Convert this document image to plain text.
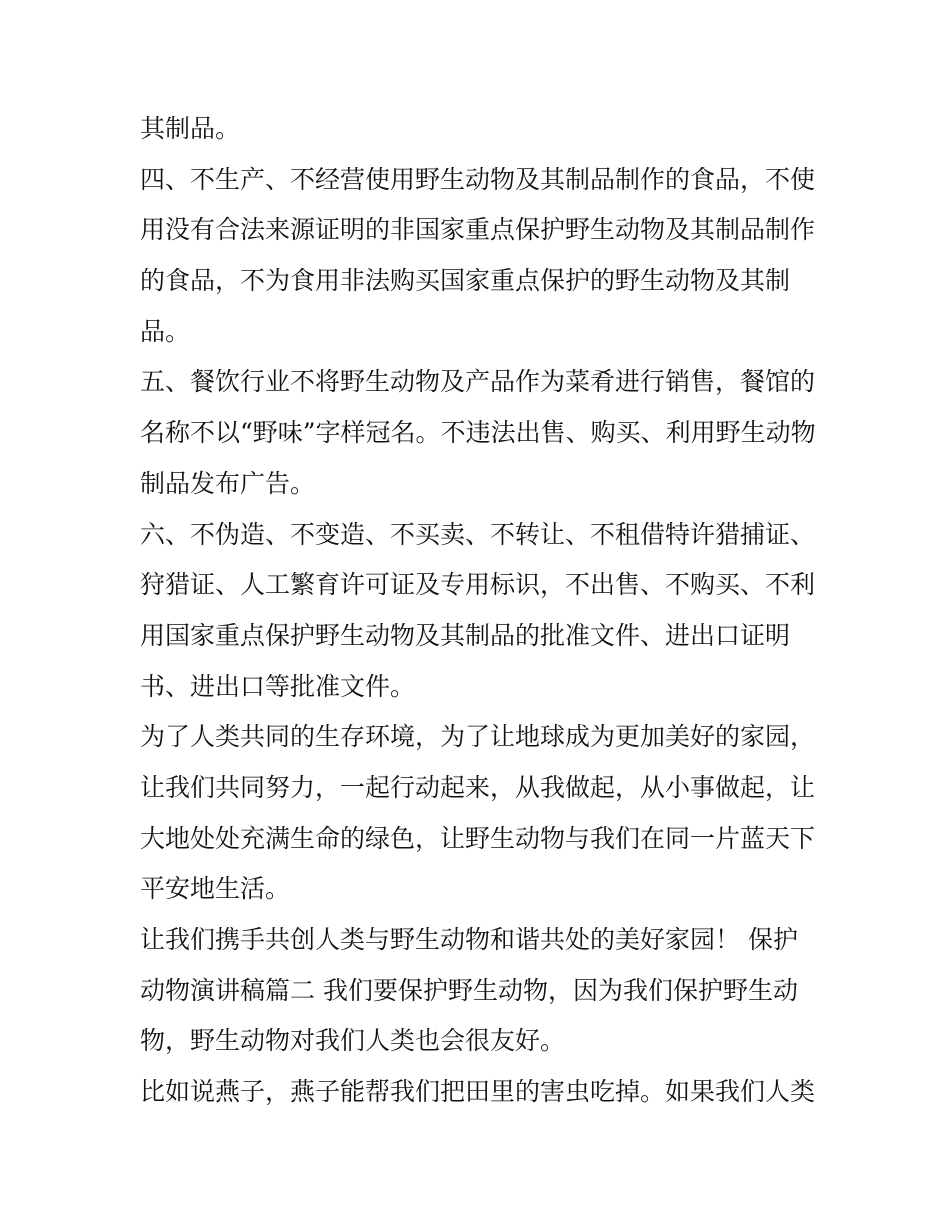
其制品。

四、不生产、不经营使用野生动物及其制品制作的食品，不使
用没有合法来源证明的非国家重点保护野生动物及其制品制作
的食品，不为食用非法购买国家重点保护的野生动物及其制
品。

五、餐饮行业不将野生动物及产品作为菜肴进行销售，餐馆的
名称不以“野味”字样冠名。不违法出售、购买、利用野生动物
制品发布广告。

六、不伪造、不变造、不买卖、不转让、不租借特许猎捕证、
狩猎证、人工繁育许可证及专用标识，不出售、不购买、不利
用国家重点保护野生动物及其制品的批准文件、进出口证明
书、进出口等批准文件。

为了人类共同的生存环境，为了让地球成为更加美好的家园，
让我们共同努力，一起行动起来，从我做起，从小事做起，让
大地处处充满生命的绿色，让野生动物与我们在同一片蓝天下
平安地生活。

让我们携手共创人类与野生动物和谐共处的美好家园！ 保护
动物演讲稿篇二 我们要保护野生动物，因为我们保护野生动
物，野生动物对我们人类也会很友好。

比如说燕子，燕子能帮我们把田里的害虫吃掉。如果我们人类
